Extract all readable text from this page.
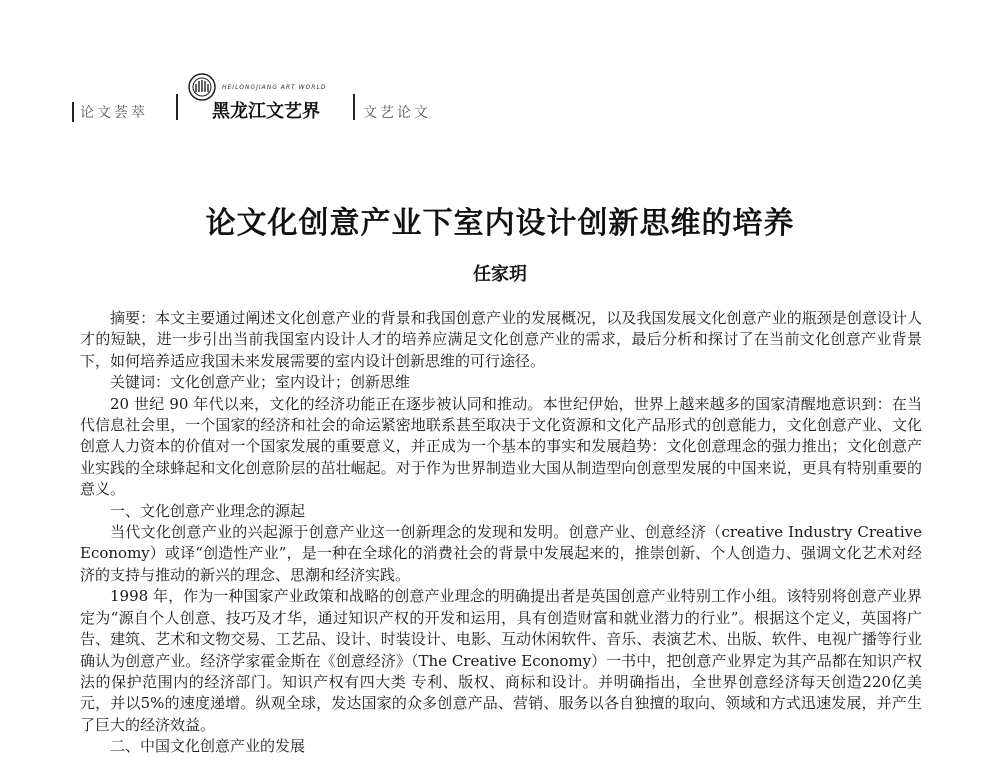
论文荟萃
HEILONGJIANG ART WORLD
黑龙江文艺界	文艺论文
论文化创意产业下室内设计创新思维的培养
任家玥

摘要：本文主要通过阐述文化创意产业的背景和我国创意产业的发展概况，以及我国发展文化创意产业的瓶颈是创意设计人才的短缺，进一步引出当前我国室内设计人才的培养应满足文化创意产业的需求，最后分析和探讨了在当前文化创意产业背景下，如何培养适应我国未来发展需要的室内设计创新思维的可行途径。

关键词：文化创意产业；室内设计；创新思维

20 世纪 90 年代以来，文化的经济功能正在逐步被认同和推动。本世纪伊始，世界上越来越多的国家清醒地意识到：在当代信息社会里，一个国家的经济和社会的命运紧密地联系甚至取决于文化资源和文化产品形式的创意能力，文化创意产业、文化创意人力资本的价值对一个国家发展的重要意义，并正成为一个基本的事实和发展趋势：文化创意理念的强力推出；文化创意产业实践的全球蜂起和文化创意阶层的茁壮崛起。对于作为世界制造业大国从制造型向创意型发展的中国来说，更具有特别重要的意义。

一、文化创意产业理念的源起

当代文化创意产业的兴起源于创意产业这一创新理念的发现和发明。创意产业、创意经济（creative Industry Creative Economy）或译“创造性产业”，是一种在全球化的消费社会的背景中发展起来的，推崇创新、个人创造力、强调文化艺术对经济的支持与推动的新兴的理念、思潮和经济实践。

1998 年，作为一种国家产业政策和战略的创意产业理念的明确提出者是英国创意产业特别工作小组。该特别将创意产业界定为“源自个人创意、技巧及才华，通过知识产权的开发和运用，具有创造财富和就业潜力的行业”。根据这个定义，英国将广告、建筑、艺术和文物交易、工艺品、设计、时装设计、电影、互动休闲软件、音乐、表演艺术、出版、软件、电视广播等行业确认为创意产业。经济学家霍金斯在《创意经济》（The Creative Economy）一书中，把创意产业界定为其产品都在知识产权法的保护范围内的经济部门。知识产权有四大类 专利、版权、商标和设计。并明确指出，全世界创意经济每天创造220亿美元，并以5%的速度递增。纵观全球，发达国家的众多创意产品、营销、服务以各自独擅的取向、领域和方式迅速发展，并产生了巨大的经济效益。

二、中国文化创意产业的发展
